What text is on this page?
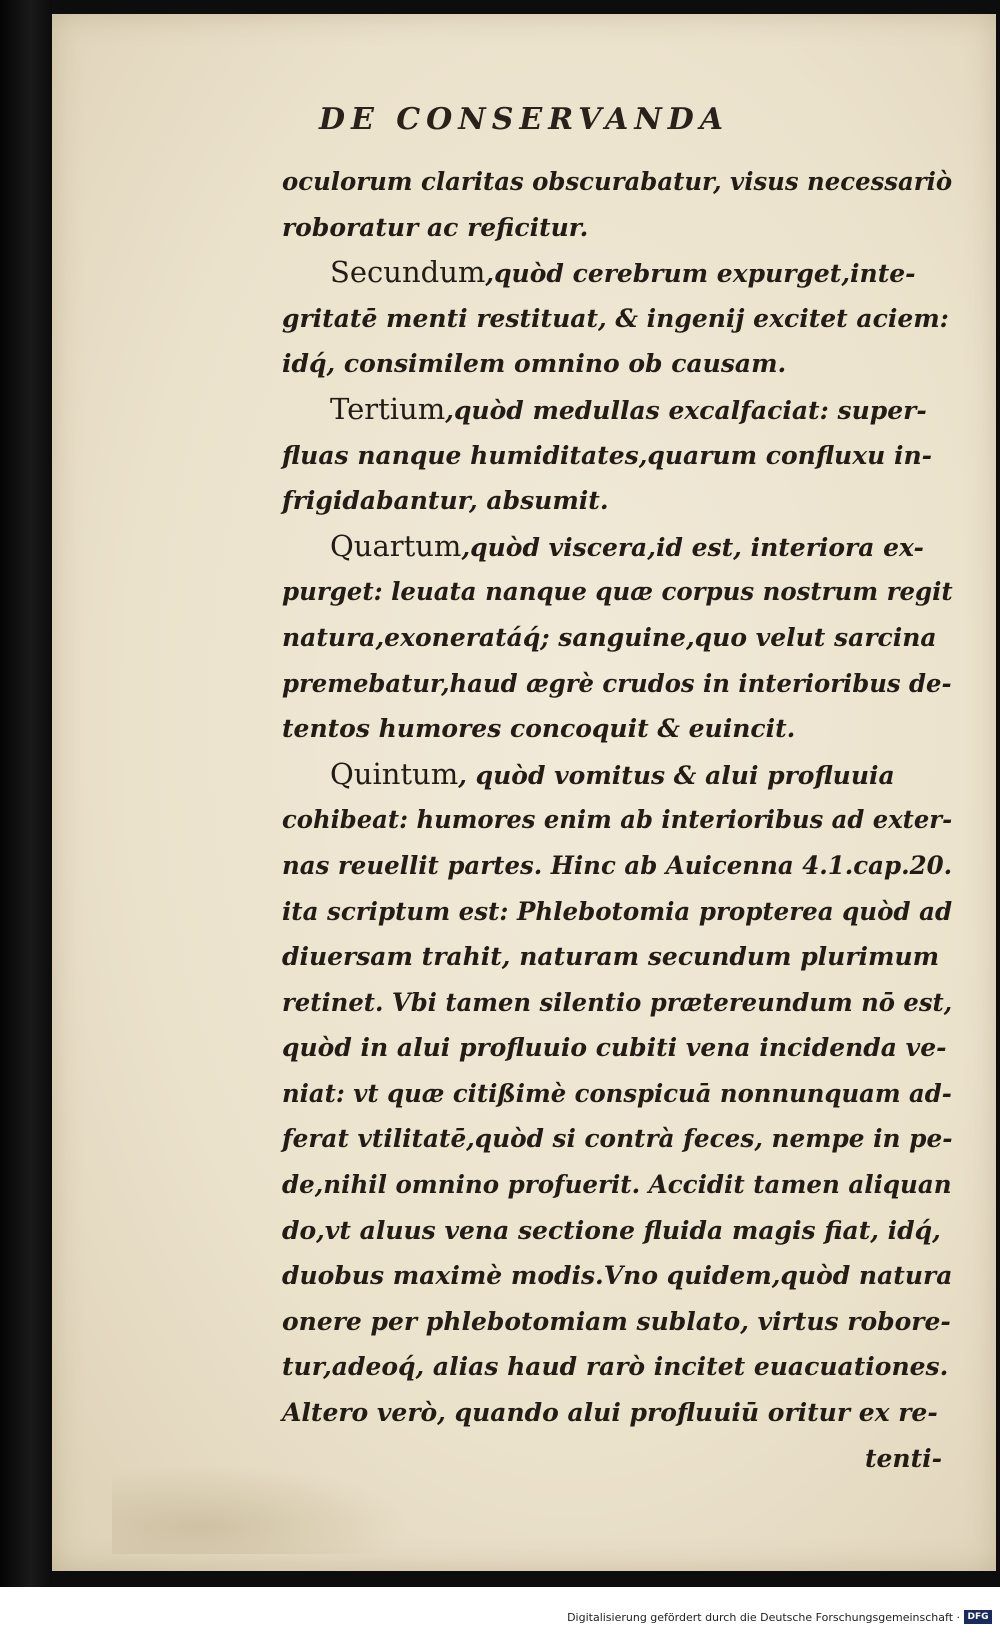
DE CONSERVANDA
oculorum claritas obscurabatur, visus necessariò
roboratur ac reficitur.
Secundum,quòd cerebrum expurget,inte-
gritatē menti restituat, & ingenij excitet aciem:
idq́, consimilem omnino ob causam.
Tertium,quòd medullas excalfaciat: super-
fluas nanque humiditates,quarum confluxu in-
frigidabantur, absumit.
Quartum,quòd viscera,id est, interiora ex-
purget: leuata nanque quæ corpus nostrum regit
natura,exoneratáq́; sanguine,quo velut sarcina
premebatur,haud ægrè crudos in interioribus de-
tentos humores concoquit & euincit.
Quintum, quòd vomitus & alui profluuia
cohibeat: humores enim ab interioribus ad exter-
nas reuellit partes. Hinc ab Auicenna 4.1.cap.20.
ita scriptum est: Phlebotomia propterea quòd ad
diuersam trahit, naturam secundum plurimum
retinet. Vbi tamen silentio prætereundum nō est,
quòd in alui profluuio cubiti vena incidenda ve-
niat: vt quæ citißimè conspicuā nonnunquam ad-
ferat vtilitatē,quòd si contrà feces, nempe in pe-
de,nihil omnino profuerit. Accidit tamen aliquan
do,vt aluus vena sectione fluida magis fiat, idq́,
duobus maximè modis.Vno quidem,quòd natura
onere per phlebotomiam sublato, virtus robore-
tur,adeoq́, alias haud rarò incitet euacuationes.
Altero verò, quando alui profluuiū oritur ex re-
tenti-
Digitalisierung gefördert durch die Deutsche Forschungsgemeinschaft · DFG
